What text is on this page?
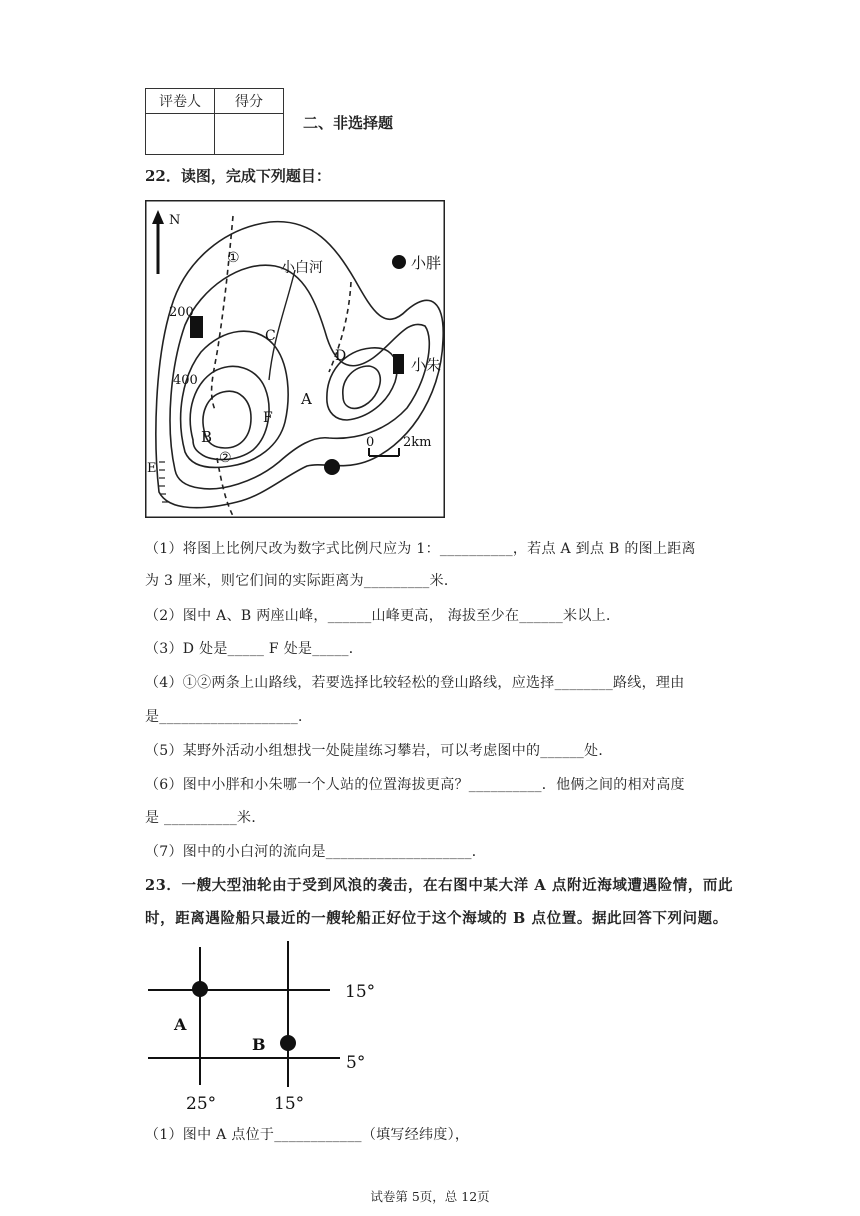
评卷人	得分

二、非选择题
22．读图，完成下列题目：
N
200
400
①
②
B
A
C
D
E
F
小白河	小胖
小朱
0 2km
（1）将图上比例尺改为数字式比例尺应为 1：__________，若点 A 到点 B 的图上距离
为 3 厘米，则它们间的实际距离为_________米．
（2）图中 A、B 两座山峰，______山峰更高， 海拔至少在______米以上．
（3）D 处是_____ F 处是_____．
（4）①②两条上山路线，若要选择比较轻松的登山路线，应选择________路线，理由
是___________________．
（5）某野外活动小组想找一处陡崖练习攀岩，可以考虑图中的______处．
（6）图中小胖和小朱哪一个人站的位置海拔更高？__________．他俩之间的相对高度
是 __________米．
（7）图中的小白河的流向是____________________．
23．一艘大型油轮由于受到风浪的袭击，在右图中某大洋 A 点附近海域遭遇险情，而此
时，距离遇险船只最近的一艘轮船正好位于这个海域的 B 点位置。据此回答下列问题。
15°
5°
25°	15°
A
B
（1）图中 A 点位于____________（填写经纬度），
试卷第 5页，总 12页
